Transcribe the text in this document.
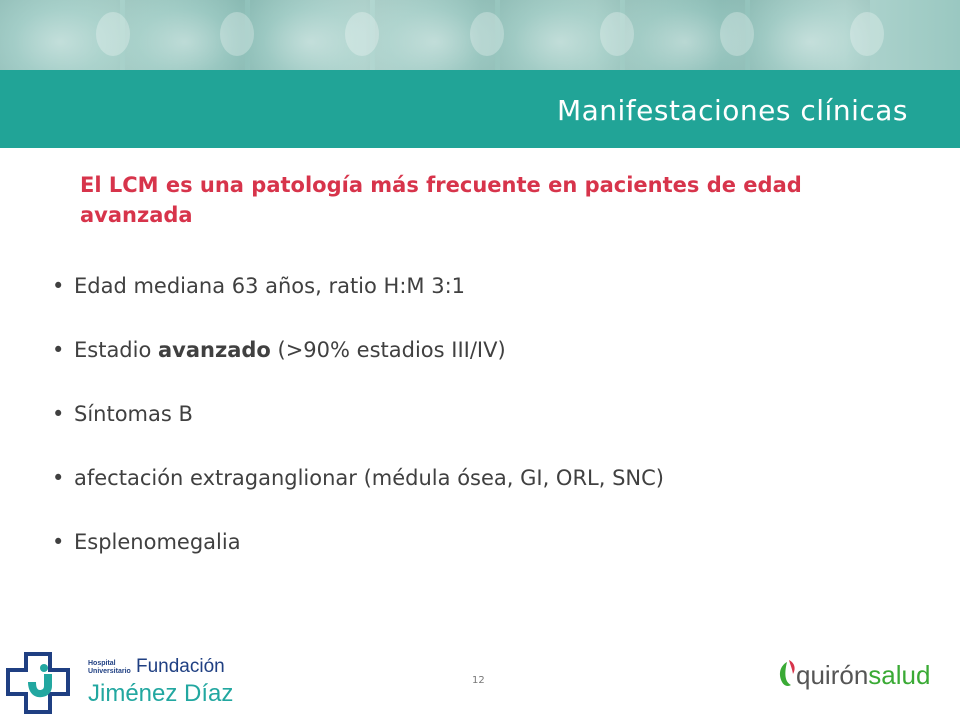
Manifestaciones clínicas
El LCM es una patología más frecuente en pacientes de edad avanzada
• Edad mediana 63 años, ratio H:M 3:1
• Estadio avanzado (>90% estadios III/IV)
• Síntomas B
• afectación extraganglionar (médula ósea, GI, ORL, SNC)
• Esplenomegalia
12
Hospital
Universitario Fundación
Jiménez Díaz
quirónsalud
